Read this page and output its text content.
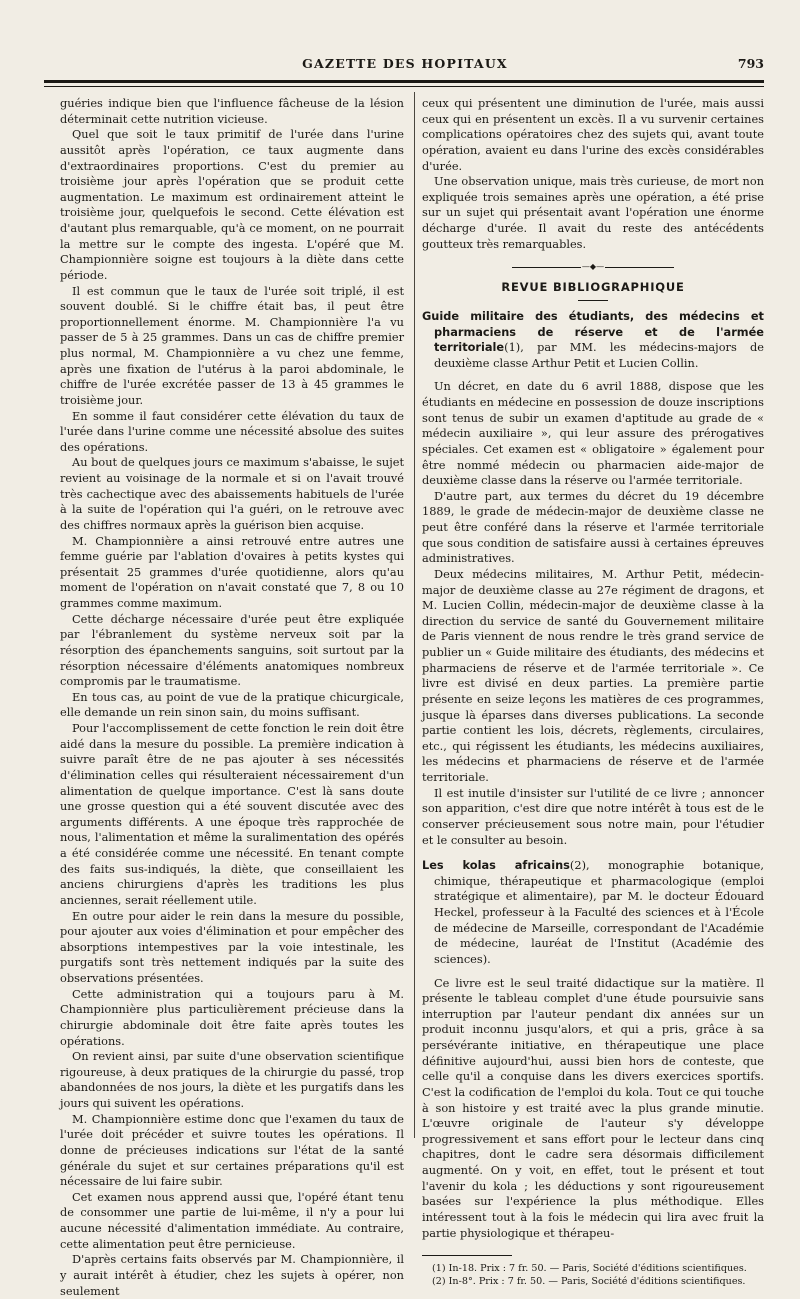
GAZETTE DES HOPITAUX	793

guéries indique bien que l'influence fâcheuse de la lésion déterminait cette nutrition vicieuse.

Quel que soit le taux primitif de l'urée dans l'urine aussitôt après l'opération, ce taux augmente dans d'extraordinaires proportions. C'est du premier au troisième jour après l'opération que se produit cette augmentation. Le maximum est ordinairement atteint le troisième jour, quelquefois le second. Cette élévation est d'autant plus remarquable, qu'à ce moment, on ne pourrait la mettre sur le compte des ingesta. L'opéré que M. Championnière soigne est toujours à la diète dans cette période.

Il est commun que le taux de l'urée soit triplé, il est souvent doublé. Si le chiffre était bas, il peut être proportionnellement énorme. M. Championnière l'a vu passer de 5 à 25 grammes. Dans un cas de chiffre premier plus normal, M. Championnière a vu chez une femme, après une fixation de l'utérus à la paroi abdominale, le chiffre de l'urée excrétée passer de 13 à 45 grammes le troisième jour.

En somme il faut considérer cette élévation du taux de l'urée dans l'urine comme une nécessité absolue des suites des opérations.

Au bout de quelques jours ce maximum s'abaisse, le sujet revient au voisinage de la normale et si on l'avait trouvé très cachectique avec des abaissements habituels de l'urée à la suite de l'opération qui l'a guéri, on le retrouve avec des chiffres normaux après la guérison bien acquise.

M. Championnière a ainsi retrouvé entre autres une femme guérie par l'ablation d'ovaires à petits kystes qui présentait 25 grammes d'urée quotidienne, alors qu'au moment de l'opération on n'avait constaté que 7, 8 ou 10 grammes comme maximum.

Cette décharge nécessaire d'urée peut être expliquée par l'ébranlement du système nerveux soit par la résorption des épanchements sanguins, soit surtout par la résorption nécessaire d'éléments anatomiques nombreux compromis par le traumatisme.

En tous cas, au point de vue de la pratique chicurgicale, elle demande un rein sinon sain, du moins suffisant.

Pour l'accomplissement de cette fonction le rein doit être aidé dans la mesure du possible. La première indication à suivre paraît être de ne pas ajouter à ses nécessités d'élimination celles qui résulteraient nécessairement d'un alimentation de quelque importance. C'est là sans doute une grosse question qui a été souvent discutée avec des arguments différents. A une époque très rapprochée de nous, l'alimentation et même la suralimentation des opérés a été considérée comme une nécessité. En tenant compte des faits sus-indiqués, la diète, que conseillaient les anciens chirurgiens d'après les traditions les plus anciennes, serait réellement utile.

En outre pour aider le rein dans la mesure du possible, pour ajouter aux voies d'élimination et pour empêcher des absorptions intempestives par la voie intestinale, les purgatifs sont très nettement indiqués par la suite des observations présentées.

Cette administration qui a toujours paru à M. Championnière plus particulièrement précieuse dans la chirurgie abdominale doit être faite après toutes les opérations.

On revient ainsi, par suite d'une observation scientifique rigoureuse, à deux pratiques de la chirurgie du passé, trop abandonnées de nos jours, la diète et les purgatifs dans les jours qui suivent les opérations.

M. Championnière estime donc que l'examen du taux de l'urée doit précéder et suivre toutes les opérations. Il donne de précieuses indications sur l'état de la santé générale du sujet et sur certaines préparations qu'il est nécessaire de lui faire subir.

Cet examen nous apprend aussi que, l'opéré étant tenu de consommer une partie de lui-même, il n'y a pour lui aucune nécessité d'alimentation immédiate. Au contraire, cette alimentation peut être pernicieuse.

D'après certains faits observés par M. Championnière, il y aurait intérêt à étudier, chez les sujets à opérer, non seulement

ceux qui présentent une diminution de l'urée, mais aussi ceux qui en présentent un excès. Il a vu survenir certaines complications opératoires chez des sujets qui, avant toute opération, avaient eu dans l'urine des excès considérables d'urée.

Une observation unique, mais très curieuse, de mort non expliquée trois semaines après une opération, a été prise sur un sujet qui présentait avant l'opération une énorme décharge d'urée. Il avait du reste des antécédents goutteux très remarquables.

—◆—
REVUE BIBLIOGRAPHIQUE

Guide militaire des étudiants, des médecins et pharmaciens de réserve et de l'armée territoriale(1), par MM. les médecins-majors de deuxième classe Arthur Petit et Lucien Collin.

Un décret, en date du 6 avril 1888, dispose que les étudiants en médecine en possession de douze inscriptions sont tenus de subir un examen d'aptitude au grade de « médecin auxiliaire », qui leur assure des prérogatives spéciales. Cet examen est « obligatoire » également pour être nommé médecin ou pharmacien aide-major de deuxième classe dans la réserve ou l'armée territoriale.

D'autre part, aux termes du décret du 19 décembre 1889, le grade de médecin-major de deuxième classe ne peut être conféré dans la réserve et l'armée territoriale que sous condition de satisfaire aussi à certaines épreuves administratives.

Deux médecins militaires, M. Arthur Petit, médecin-major de deuxième classe au 27e régiment de dragons, et M. Lucien Collin, médecin-major de deuxième classe à la direction du service de santé du Gouvernement militaire de Paris viennent de nous rendre le très grand service de publier un « Guide militaire des étudiants, des médecins et pharmaciens de réserve et de l'armée territoriale ». Ce livre est divisé en deux parties. La première partie présente en seize leçons les matières de ces programmes, jusque là éparses dans diverses publications. La seconde partie contient les lois, décrets, règlements, circulaires, etc., qui régissent les étudiants, les médecins auxiliaires, les médecins et pharmaciens de réserve et de l'armée territoriale.

Il est inutile d'insister sur l'utilité de ce livre ; annoncer son apparition, c'est dire que notre intérêt à tous est de le conserver précieusement sous notre main, pour l'étudier et le consulter au besoin.

Les kolas africains(2), monographie botanique, chimique, thérapeutique et pharmacologique (emploi stratégique et alimentaire), par M. le docteur Édouard Heckel, professeur à la Faculté des sciences et à l'École de médecine de Marseille, correspondant de l'Académie de médecine, lauréat de l'Institut (Académie des sciences).

Ce livre est le seul traité didactique sur la matière. Il présente le tableau complet d'une étude poursuivie sans interruption par l'auteur pendant dix années sur un produit inconnu jusqu'alors, et qui a pris, grâce à sa persévérante initiative, en thérapeutique une place définitive aujourd'hui, aussi bien hors de conteste, que celle qu'il a conquise dans les divers exercices sportifs. C'est la codification de l'emploi du kola. Tout ce qui touche à son histoire y est traité avec la plus grande minutie. L'œuvre originale de l'auteur s'y développe progressivement et sans effort pour le lecteur dans cinq chapitres, dont le cadre sera désormais difficilement augmenté. On y voit, en effet, tout le présent et tout l'avenir du kola ; les déductions y sont rigoureusement basées sur l'expérience la plus méthodique. Elles intéressent tout à la fois le médecin qui lira avec fruit la partie physiologique et thérapeu-

(1) In-18. Prix : 7 fr. 50. — Paris, Société d'éditions scientifiques.

(2) In-8°. Prix : 7 fr. 50. — Paris, Société d'éditions scientifiques.
